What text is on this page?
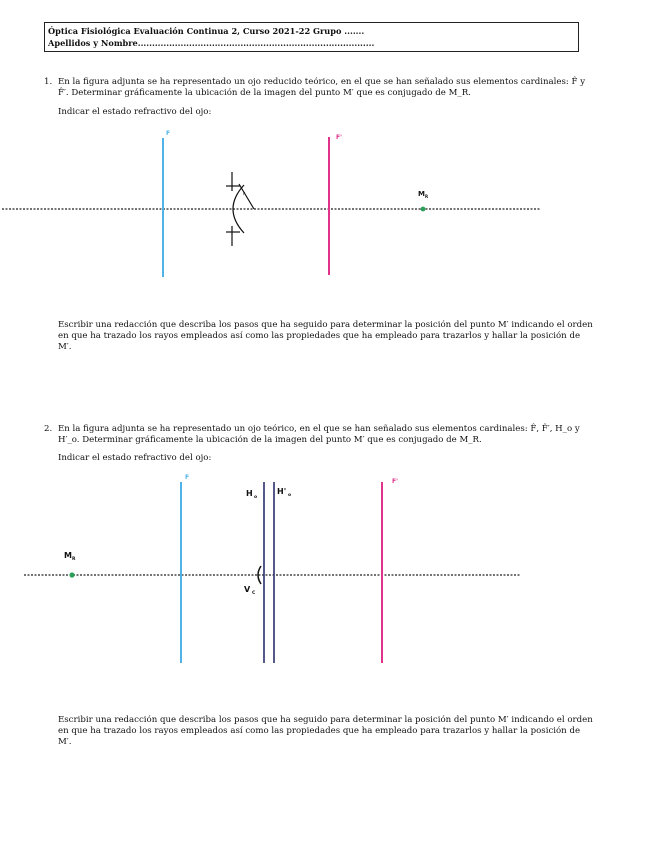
Óptica Fisiológica Evaluación Continua 2, Curso 2021-22 Grupo .......
Apellidos y Nombre...................................................................................
1. En la figura adjunta se ha representado un ojo reducido teórico, en el que se han señalado sus elementos cardinales: F̂ y
F̂′. Determinar gráficamente la ubicación de la imagen del punto M′ que es conjugado de M_R.
Indicar el estado refractivo del ojo:
r
F
F'
M R
Escribir una redacción que describa los pasos que ha seguido para determinar la posición del punto M′ indicando el orden
en que ha trazado los rayos empleados así como las propiedades que ha empleado para trazarlos y hallar la posición de
M′.
2. En la figura adjunta se ha representado un ojo teórico, en el que se han señalado sus elementos cardinales: F̂, F̂′, H_o y
H′_o. Determinar gráficamente la ubicación de la imagen del punto M′ que es conjugado de M_R.
Indicar el estado refractivo del ojo:
F
F'
H o
H' o
M R
V C
Escribir una redacción que describa los pasos que ha seguido para determinar la posición del punto M′ indicando el orden
en que ha trazado los rayos empleados así como las propiedades que ha empleado para trazarlos y hallar la posición de
M′.
